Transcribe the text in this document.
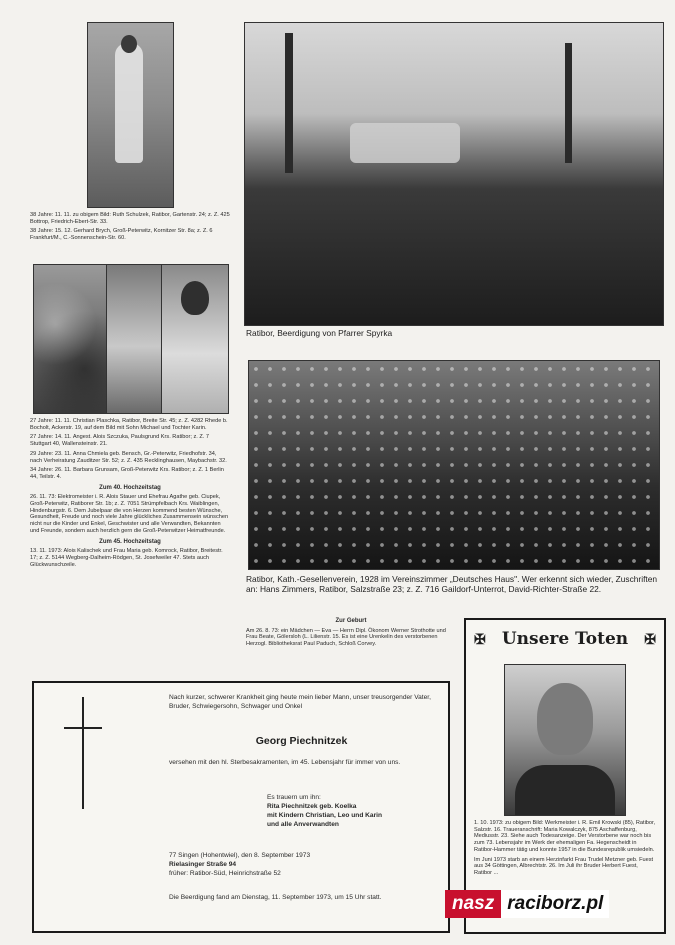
38 Jahre: 11. 11. zu obigem Bild: Ruth Schulzek, Ratibor, Gartenstr. 24; z. Z. 425 Bottrop, Friedrich-Ebert-Str. 33.

38 Jahre: 15. 12. Gerhard Brych, Groß-Peterwitz, Kornitzer Str. 8a; z. Z. 6 Frankfurt/M., C.-Sonnenschein-Str. 60.

27 Jahre: 11. 11. Christian Plaschka, Ratibor, Breite Str. 45; z. Z. 4282 Rhede b. Bocholt, Ackerstr. 19, auf dem Bild mit Sohn Michael und Tochter Karin.

27 Jahre: 14. 11. Angest. Alois Szczuka, Paulsgrund Krs. Ratibor; z. Z. 7 Stuttgart 40, Wallensteinstr. 21.

29 Jahre: 23. 11. Anna Chmiela geb. Bensch, Gr.-Peterwitz, Friedhofstr. 34, nach Verheiratung Zauditzer Str. 52; z. Z. 435 Recklinghausen, Maybachstr. 32.

34 Jahre: 26. 11. Barbara Grunsam, Groß-Peterwitz Krs. Ratibor; z. Z. 1 Berlin 44, Teilstr. 4.

Zum 40. Hochzeitstag

26. 11. 73: Elektromeister i. R. Alois Stauer und Ehefrau Agathe geb. Ciupek, Groß-Peterwitz, Ratiborer Str. 1b; z. Z. 7051 Strümpfelbach Krs. Waiblingen, Hindenburgstr. 6. Dem Jubelpaar die von Herzen kommend besten Wünsche, Gesundheit, Freude und noch viele Jahre glückliches Zusammensein wünschen nicht nur die Kinder und Enkel, Geschwister und alle Verwandten, Bekannten und Freunde, sondern auch herzlich gern die Groß-Peterwitzer Heimatfreunde.

Zum 45. Hochzeitstag

13. 11. 1973: Alois Kalischek und Frau Maria geb. Komrock, Ratibor, Breitestr. 17; z. Z. 5144 Wegberg-Dalheim-Rödgen, St. Josefweiler 47. Stets auch Glückwunschzeile.

Ratibor, Beerdigung von Pfarrer Spyrka
Ratibor, Kath.-Gesellenverein, 1928 im Vereinszimmer „Deutsches Haus". Wer erkennt sich wieder, Zuschriften an: Hans Zimmers, Ratibor, Salzstraße 23; z. Z. 716 Gaildorf-Unterrot, David-Richter-Straße 22.
Zur Geburt

Am 26. 8. 73: ein Mädchen — Eva — Herrn Dipl. Ökonom Werner Strothotte und Frau Beate, Gölersloh (L. Lilienstr. 15. Es ist eine Urenkelin des verstorbenen Herzogl. Bibliotheksrat Paul Paduch, Schloß Corvey.

Nach kurzer, schwerer Krankheit ging heute mein lieber Mann, unser treusorgender Vater, Bruder, Schwiegersohn, Schwager und Onkel
Georg Piechnitzek
versehen mit den hl. Sterbesakramenten, im 45. Lebensjahr für immer von uns.
Es trauern um ihn:
Rita Piechnitzek geb. Koelka
mit Kindern Christian, Leo und Karin
und alle Anverwandten
77 Singen (Hohentwiel), den 8. September 1973
Rielasinger Straße 94
früher: Ratibor-Süd, Heinrichstraße 52
Die Beerdigung fand am Dienstag, 11. September 1973, um 15 Uhr statt.
✠ Unsere Toten ✠

1. 10. 1973: zu obigem Bild: Werkmeister i. R. Emil Krowski (85), Ratibor, Salzstr. 16. Traueranschrift: Maria Kowalczyk, 875 Aschaffenburg, Mediusstr. 23. Siehe auch Todesanzeige. Der Verstorbene war noch bis zum 73. Lebensjahr im Werk der ehemaligen Fa. Hegenscheidt in Ratibor-Hammer tätig und konnte 1957 in die Bundesrepublik umsiedeln.

Im Juni 1973 starb an einem Herzinfarkt Frau Trudel Metzner geb. Fuest aus 34 Göttingen, Albrechtstr. 26. Im Juli ihr Bruder Herbert Fuest, Ratibor ...

nasz raciborz.pl
